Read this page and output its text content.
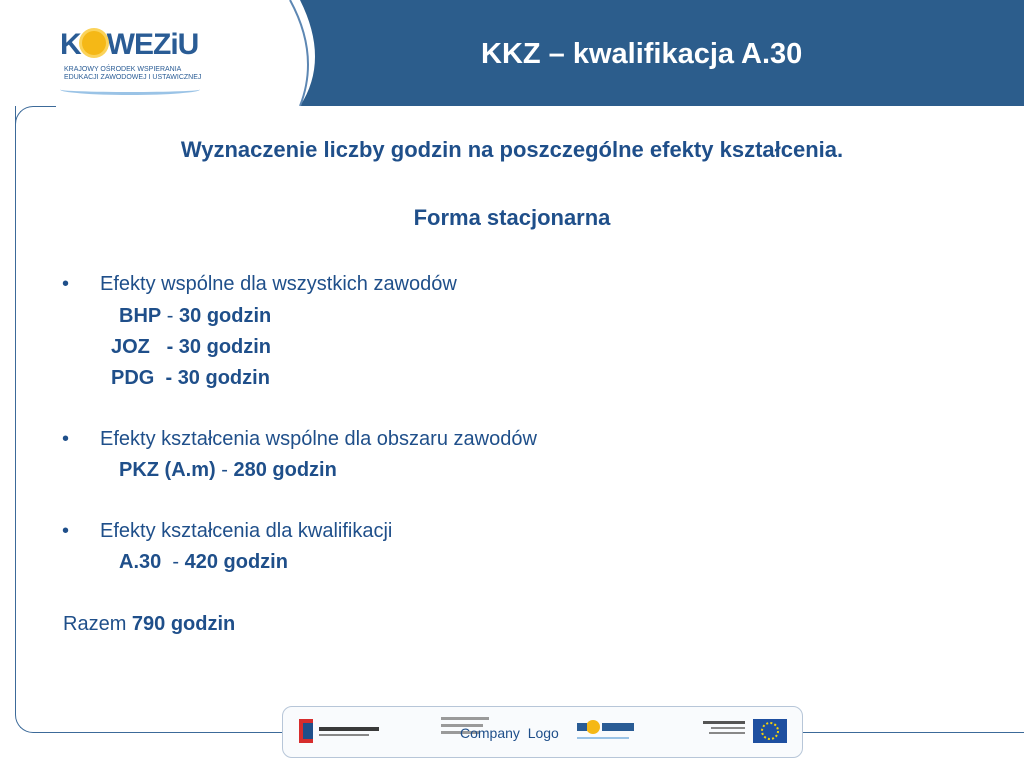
K WEZiU
KRAJOWY OŚRODEK WSPIERANIA EDUKACJI ZAWODOWEJ I USTAWICZNEJ
KKZ – kwalifikacja A.30
Wyznaczenie liczby godzin na poszczególne efekty kształcenia.
Forma stacjonarna
• Efekty wspólne dla wszystkich zawodów
BHP - 30 godzin
JOZ   - 30 godzin
PDG  - 30 godzin
• Efekty kształcenia wspólne dla obszaru zawodów
PKZ (A.m) - 280 godzin
• Efekty kształcenia dla kwalifikacji
A.30  - 420 godzin
Razem 790 godzin
Company  Logo
